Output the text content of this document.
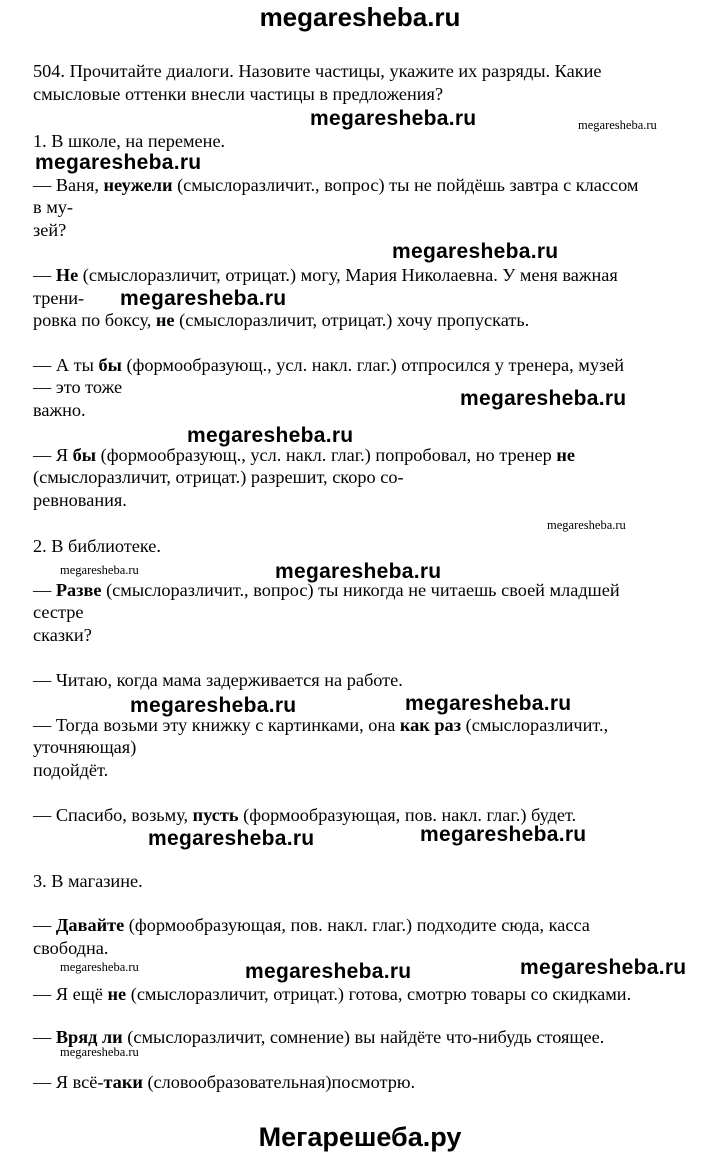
megaresheba.ru
Мегарешеба.ру
504. Прочитайте диалоги. Назовите частицы, укажите их разряды. Какие
смысловые оттенки внесли частицы в предложения?
1. В школе, на перемене.
— Ваня, неужели (смыслоразличит., вопрос) ты не пойдёшь завтра с классом
в му-
зей?
— Не (смыслоразличит, отрицат.) могу, Мария Николаевна. У меня важная
трени-
ровка по боксу, не (смыслоразличит, отрицат.) хочу пропускать.
— А ты бы (формообразующ., усл. накл. глаг.) отпросился у тренера, музей
— это тоже
важно.
— Я бы (формообразующ., усл. накл. глаг.) попробовал, но тренер не
(смыслоразличит, отрицат.) разрешит, скоро со-
ревнования.
2. В библиотеке.
— Разве (смыслоразличит., вопрос) ты никогда не читаешь своей младшей
сестре
сказки?
— Читаю, когда мама задерживается на работе.
— Тогда возьми эту книжку с картинками, она как раз (смыслоразличит.,
уточняющая)
подойдёт.
— Спасибо, возьму, пусть (формообразующая, пов. накл. глаг.) будет.
3. В магазине.
— Давайте (формообразующая, пов. накл. глаг.) подходите сюда, касса
свободна.
— Я ещё не (смыслоразличит, отрицат.) готова, смотрю товары со скидками.
— Вряд ли (смыслоразличит, сомнение) вы найдёте что-нибудь стоящее.
— Я всё-таки (словообразовательная)посмотрю.
megaresheba.ru
megaresheba.ru
megaresheba.ru
megaresheba.ru
megaresheba.ru
megaresheba.ru
megaresheba.ru
megaresheba.ru	megaresheba.ru
megaresheba.ru	megaresheba.ru
megaresheba.ru	megaresheba.ru
megaresheba.ru
megaresheba.ru
megaresheba.ru
megaresheba.ru
megaresheba.ru
